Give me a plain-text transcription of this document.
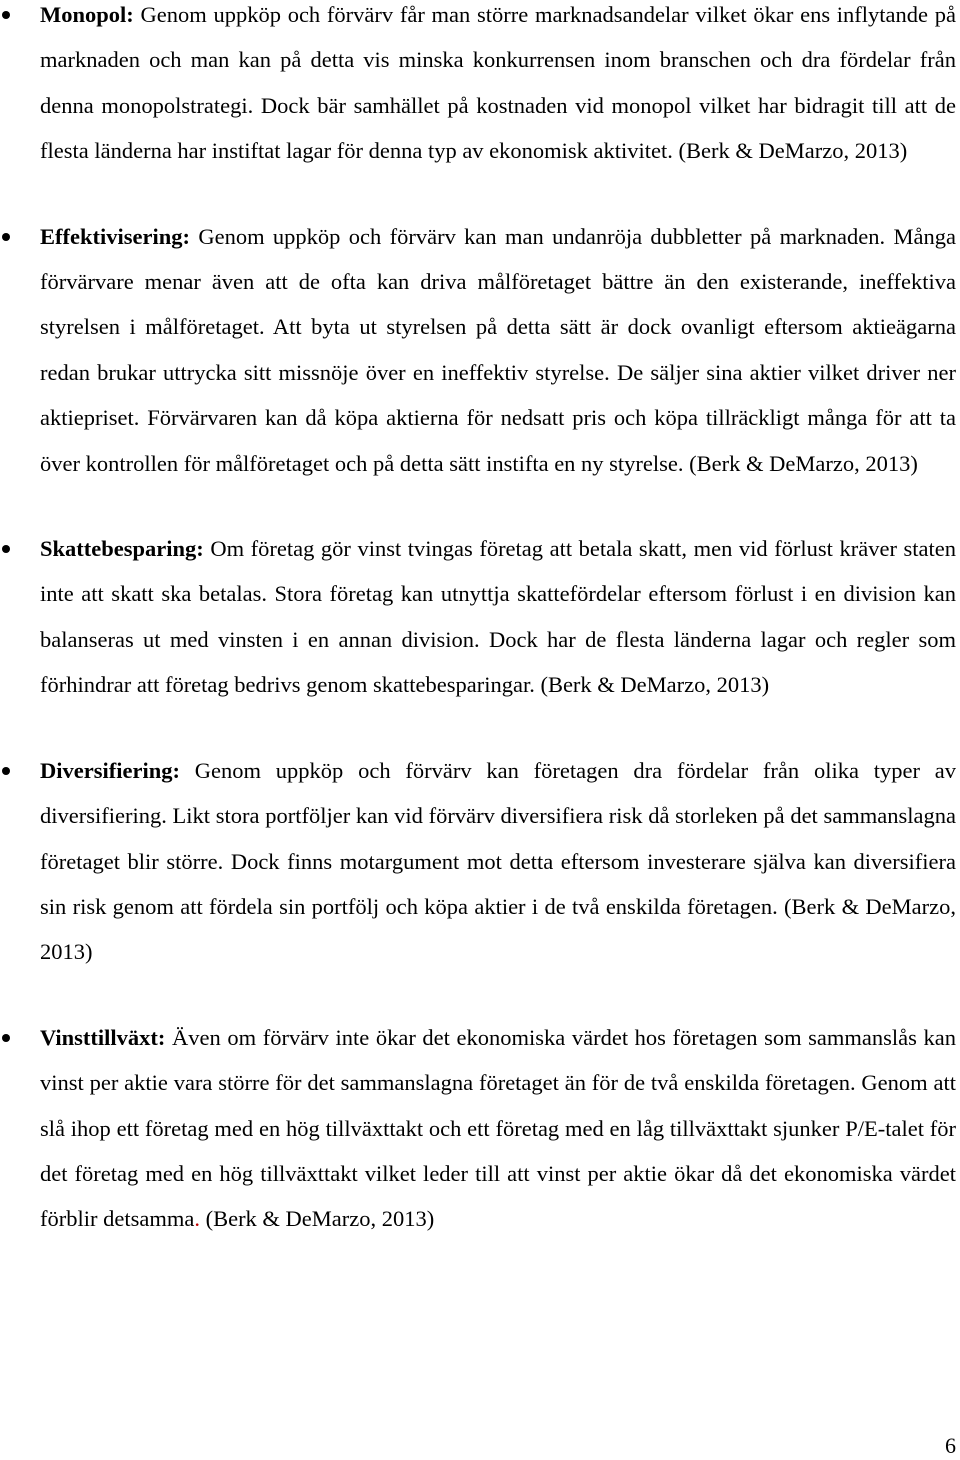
Monopol: Genom uppköp och förvärv får man större marknadsandelar vilket ökar ens inflytande på marknaden och man kan på detta vis minska konkurrensen inom branschen och dra fördelar från denna monopolstrategi. Dock bär samhället på kostnaden vid monopol vilket har bidragit till att de flesta länderna har instiftat lagar för denna typ av ekonomisk aktivitet. (Berk & DeMarzo, 2013)
Effektivisering: Genom uppköp och förvärv kan man undanröja dubbletter på marknaden. Många förvärvare menar även att de ofta kan driva målföretaget bättre än den existerande, ineffektiva styrelsen i målföretaget. Att byta ut styrelsen på detta sätt är dock ovanligt eftersom aktieägarna redan brukar uttrycka sitt missnöje över en ineffektiv styrelse. De säljer sina aktier vilket driver ner aktiepriset. Förvärvaren kan då köpa aktierna för nedsatt pris och köpa tillräckligt många för att ta över kontrollen för målföretaget och på detta sätt instifta en ny styrelse. (Berk & DeMarzo, 2013)
Skattebesparing: Om företag gör vinst tvingas företag att betala skatt, men vid förlust kräver staten inte att skatt ska betalas. Stora företag kan utnyttja skattefördelar eftersom förlust i en division kan balanseras ut med vinsten i en annan division. Dock har de flesta länderna lagar och regler som förhindrar att företag bedrivs genom skattebesparingar. (Berk & DeMarzo, 2013)
Diversifiering: Genom uppköp och förvärv kan företagen dra fördelar från olika typer av diversifiering. Likt stora portföljer kan vid förvärv diversifiera risk då storleken på det sammanslagna företaget blir större. Dock finns motargument mot detta eftersom investerare själva kan diversifiera sin risk genom att fördela sin portfölj och köpa aktier i de två enskilda företagen. (Berk & DeMarzo, 2013)
Vinsttillväxt: Även om förvärv inte ökar det ekonomiska värdet hos företagen som sammanslås kan vinst per aktie vara större för det sammanslagna företaget än för de två enskilda företagen. Genom att slå ihop ett företag med en hög tillväxttakt och ett företag med en låg tillväxttakt sjunker P/E-talet för det företag med en hög tillväxttakt vilket leder till att vinst per aktie ökar då det ekonomiska värdet förblir detsamma. (Berk & DeMarzo, 2013)
6
